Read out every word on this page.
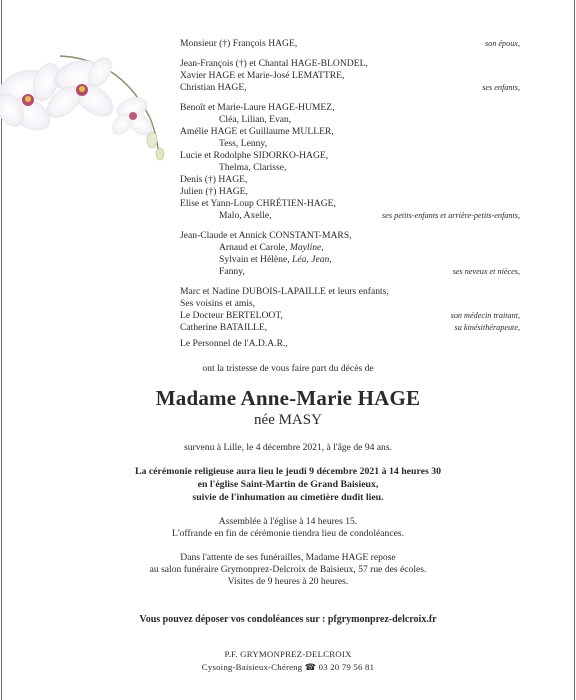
Monsieur (†) François HAGE,	son époux,
Jean-François (†) et Chantal HAGE-BLONDEL,
Xavier HAGE et Marie-José LEMATTRE,
Christian HAGE,	ses enfants,
Benoît et Marie-Laure HAGE-HUMEZ,
Cléa, Lilian, Evan,
Amélie HAGE et Guillaume MULLER,
Tess, Lenny,
Lucie et Rodolphe SIDORKO-HAGE,
Thelma, Clarisse,
Denis (†) HAGE,
Julien (†) HAGE,
Elise et Yann-Loup CHRÉTIEN-HAGE,
Malo, Axelle,	ses petits-enfants et arrière-petits-enfants,
Jean-Claude et Annick CONSTANT-MARS,
Arnaud et Carole, Mayline,
Sylvain et Hélène, Léa, Jean,
Fanny,	ses neveux et nièces,
Marc et Nadine DUBOIS-LAPAILLE et leurs enfants,
Ses voisins et amis,
Le Docteur BERTELOOT,	son médecin traitant,
Catherine BATAILLE,	sa kinésithérapeute,
Le Personnel de l'A.D.A.R.,
ont la tristesse de vous faire part du décès de
Madame Anne-Marie HAGE
née MASY
survenu à Lille, le 4 décembre 2021, à l'âge de 94 ans.
La cérémonie religieuse aura lieu le jeudi 9 décembre 2021 à 14 heures 30
en l'église Saint-Martin de Grand Baisieux,
suivie de l'inhumation au cimetière dudit lieu.
Assemblée à l'église à 14 heures 15.
L'offrande en fin de cérémonie tiendra lieu de condoléances.
Dans l'attente de ses funérailles, Madame HAGE repose
au salon funéraire Grymonprez-Delcroix de Baisieux, 57 rue des écoles.
Visites de 9 heures à 20 heures.
Vous pouvez déposer vos condoléances sur : pfgrymonprez-delcroix.fr
P.F. GRYMONPREZ-DELCROIX
Cysoing-Baisieux-Chéreng ☎ 03 20 79 56 81
